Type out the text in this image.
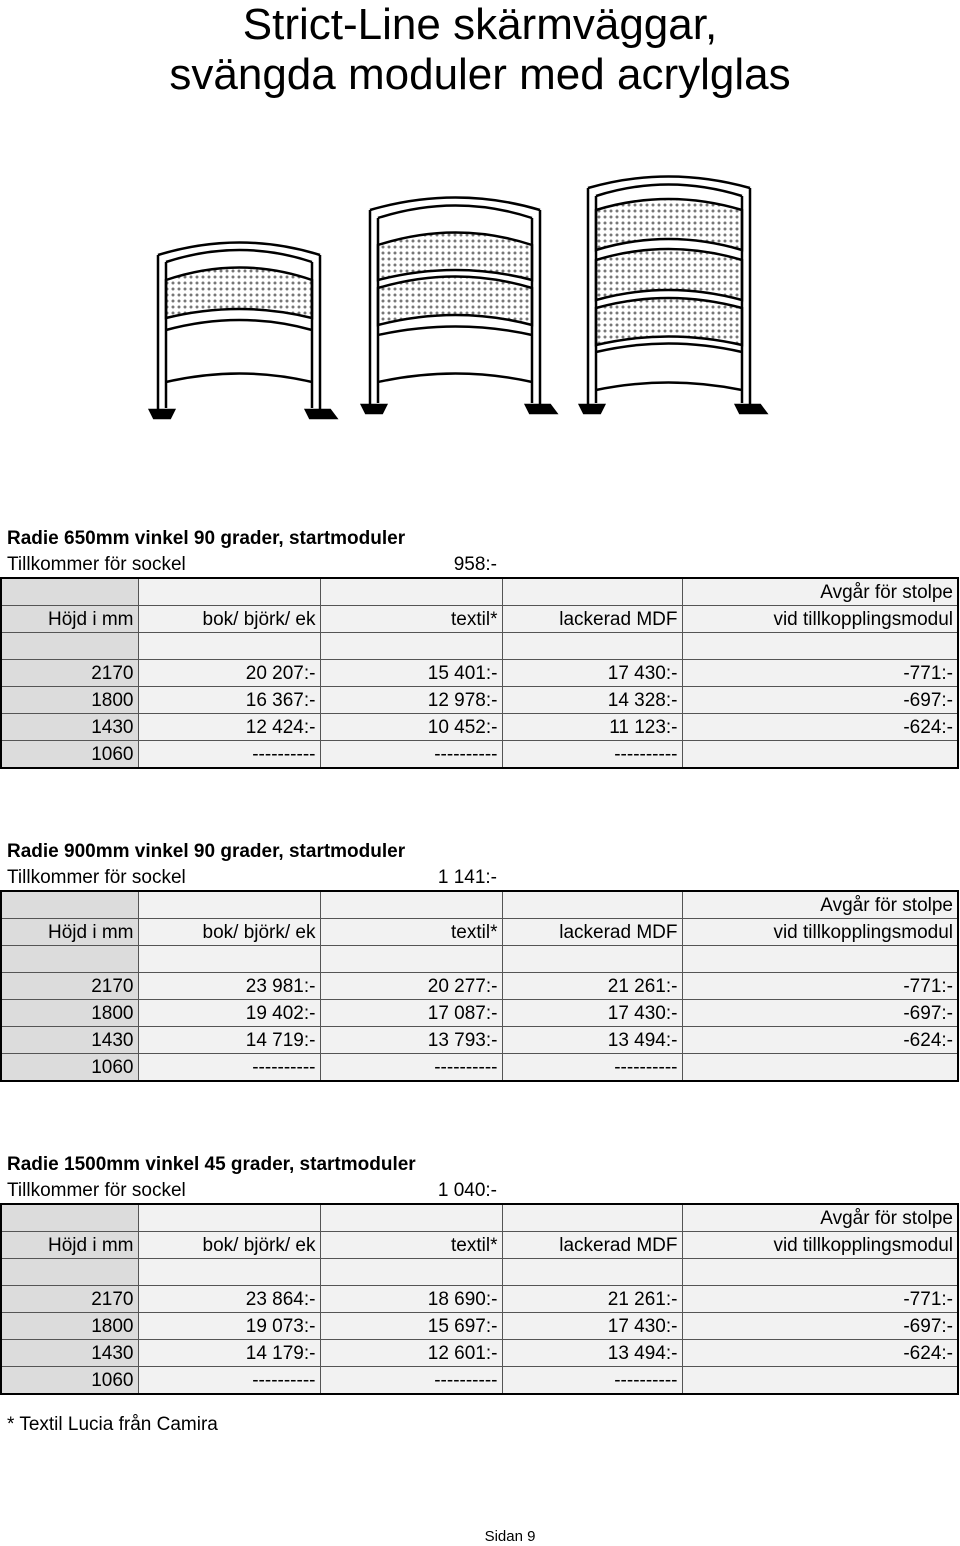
Strict-Line skärmväggar,
svängda moduler med acrylglas
Radie 650mm vinkel 90 grader, startmoduler
Tillkommer för sockel	958:-
				Avgår för stolpe
Höjd i mm	bok/ björk/ ek	textil*	lackerad MDF	vid tillkopplingsmodul

2170	20 207:-	15 401:-	17 430:-	-771:-
1800	16 367:-	12 978:-	14 328:-	-697:-
1430	12 424:-	10 452:-	11 123:-	-624:-
1060	----------	----------	----------	
Radie 900mm vinkel 90 grader, startmoduler
Tillkommer för sockel	1 141:-
				Avgår för stolpe
Höjd i mm	bok/ björk/ ek	textil*	lackerad MDF	vid tillkopplingsmodul

2170	23 981:-	20 277:-	21 261:-	-771:-
1800	19 402:-	17 087:-	17 430:-	-697:-
1430	14 719:-	13 793:-	13 494:-	-624:-
1060	----------	----------	----------	
Radie 1500mm vinkel 45 grader, startmoduler
Tillkommer för sockel	1 040:-
				Avgår för stolpe
Höjd i mm	bok/ björk/ ek	textil*	lackerad MDF	vid tillkopplingsmodul

2170	23 864:-	18 690:-	21 261:-	-771:-
1800	19 073:-	15 697:-	17 430:-	-697:-
1430	14 179:-	12 601:-	13 494:-	-624:-
1060	----------	----------	----------	
* Textil Lucia från Camira
Sidan 9
